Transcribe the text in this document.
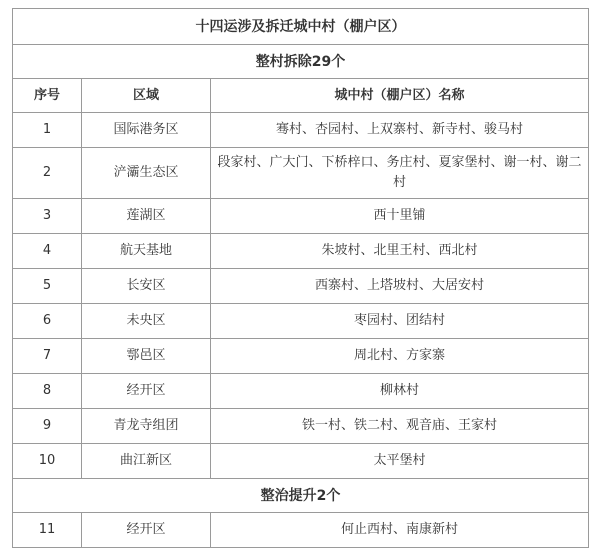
十四运涉及拆迁城中村（棚户区）		
整村拆除29个		
序号	区域	城中村（棚户区）名称
1	国际港务区	骞村、杏园村、上双寨村、新寺村、骏马村
2	浐灞生态区	段家村、广大门、下桥梓口、务庄村、夏家堡村、谢一村、谢二村
3	莲湖区	西十里铺
4	航天基地	朱坡村、北里王村、西北村
5	长安区	西寨村、上塔坡村、大居安村
6	未央区	枣园村、团结村
7	鄠邑区	周北村、方家寨
8	经开区	柳林村
9	青龙寺组团	铁一村、铁二村、观音庙、王家村
10	曲江新区	太平堡村
整治提升2个		
11	经开区	何止西村、南康新村
